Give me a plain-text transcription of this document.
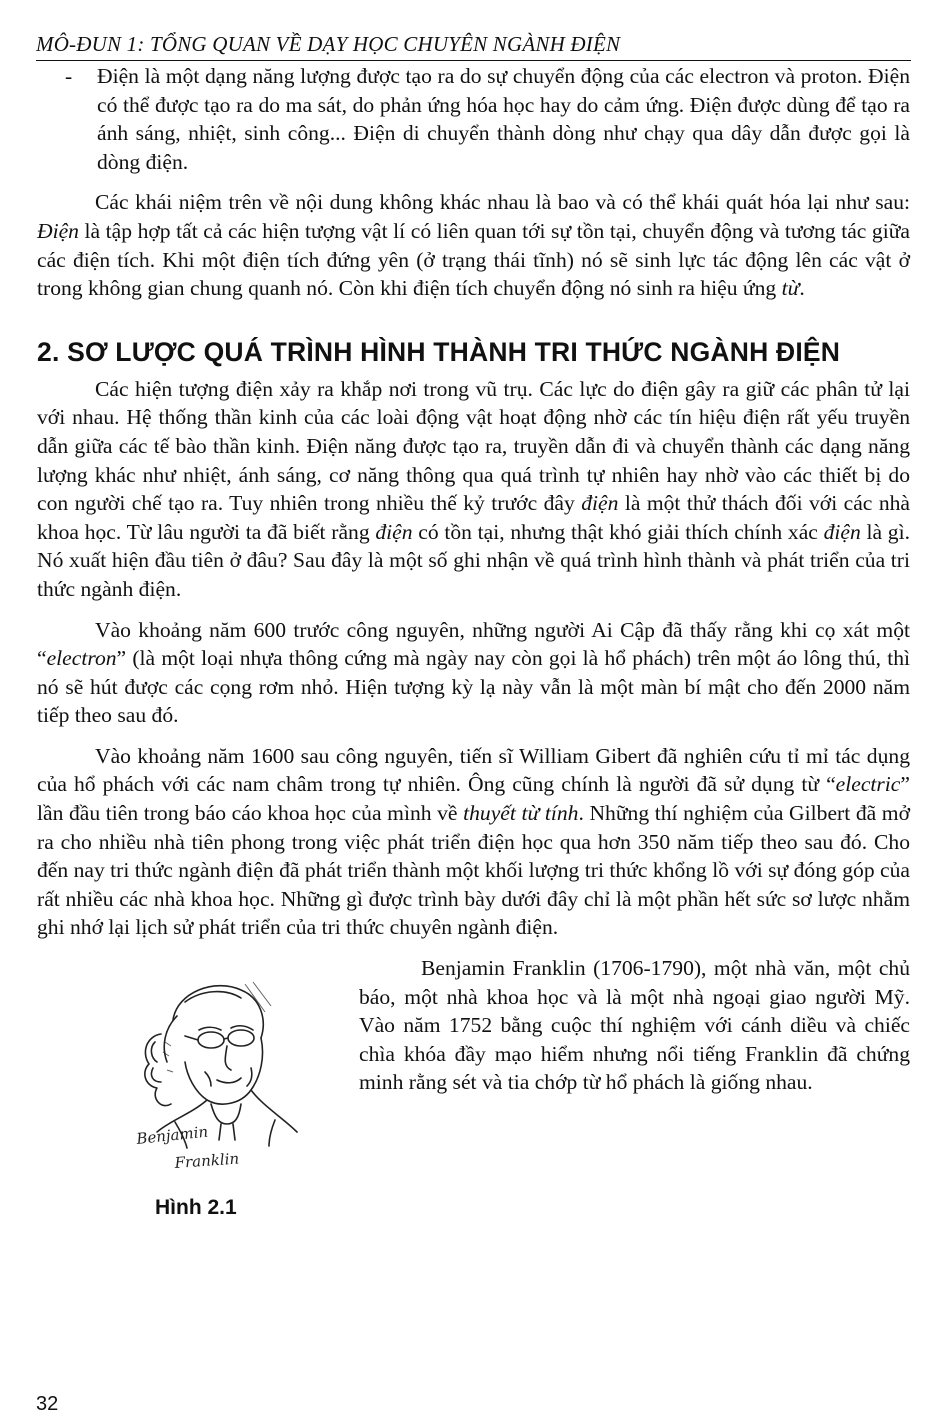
MÔ-ĐUN 1: TỔNG QUAN VỀ DẠY HỌC CHUYÊN NGÀNH ĐIỆN
- Điện là một dạng năng lượng được tạo ra do sự chuyển động của các electron và proton. Điện có thể được tạo ra do ma sát, do phản ứng hóa học hay do cảm ứng. Điện được dùng để tạo ra ánh sáng, nhiệt, sinh công... Điện di chuyển thành dòng như chạy qua dây dẫn được gọi là dòng điện.

Các khái niệm trên về nội dung không khác nhau là bao và có thể khái quát hóa lại như sau: Điện là tập hợp tất cả các hiện tượng vật lí có liên quan tới sự tồn tại, chuyển động và tương tác giữa các điện tích. Khi một điện tích đứng yên (ở trạng thái tĩnh) nó sẽ sinh lực tác động lên các vật ở trong không gian chung quanh nó. Còn khi điện tích chuyển động nó sinh ra hiệu ứng từ.

2. SƠ LƯỢC QUÁ TRÌNH HÌNH THÀNH TRI THỨC NGÀNH ĐIỆN

Các hiện tượng điện xảy ra khắp nơi trong vũ trụ. Các lực do điện gây ra giữ các phân tử lại với nhau. Hệ thống thần kinh của các loài động vật hoạt động nhờ các tín hiệu điện rất yếu truyền dẫn giữa các tế bào thần kinh. Điện năng được tạo ra, truyền dẫn đi và chuyển thành các dạng năng lượng khác như nhiệt, ánh sáng, cơ năng thông qua quá trình tự nhiên hay nhờ vào các thiết bị do con người chế tạo ra. Tuy nhiên trong nhiều thế kỷ trước đây điện là một thử thách đối với các nhà khoa học. Từ lâu người ta đã biết rằng điện có tồn tại, nhưng thật khó giải thích chính xác điện là gì. Nó xuất hiện đầu tiên ở đâu? Sau đây là một số ghi nhận về quá trình hình thành và phát triển của tri thức ngành điện.

Vào khoảng năm 600 trước công nguyên, những người Ai Cập đã thấy rằng khi cọ xát một “electron” (là một loại nhựa thông cứng mà ngày nay còn gọi là hổ phách) trên một áo lông thú, thì nó sẽ hút được các cọng rơm nhỏ. Hiện tượng kỳ lạ này vẫn là một màn bí mật cho đến 2000 năm tiếp theo sau đó.

Vào khoảng năm 1600 sau công nguyên, tiến sĩ William Gibert đã nghiên cứu tỉ mỉ tác dụng của hổ phách với các nam châm trong tự nhiên. Ông cũng chính là người đã sử dụng từ “electric” lần đầu tiên trong báo cáo khoa học của mình về thuyết từ tính. Những thí nghiệm của Gilbert đã mở ra cho nhiều nhà tiên phong trong việc phát triển điện học qua hơn 350 năm tiếp theo sau đó. Cho đến nay tri thức ngành điện đã phát triển thành một khối lượng tri thức khổng lồ với sự đóng góp của rất nhiều các nhà khoa học. Những gì được trình bày dưới đây chỉ là một phần hết sức sơ lược nhằm ghi nhớ lại lịch sử phát triển của tri thức chuyên ngành điện.

Benjamin
Franklin
Hình 2.1

Benjamin Franklin (1706-1790), một nhà văn, một chủ báo, một nhà khoa học và là một nhà ngoại giao người Mỹ. Vào năm 1752 bằng cuộc thí nghiệm với cánh diều và chiếc chìa khóa đầy mạo hiểm nhưng nổi tiếng Franklin đã chứng minh rằng sét và tia chớp từ hổ phách là giống nhau.

32
